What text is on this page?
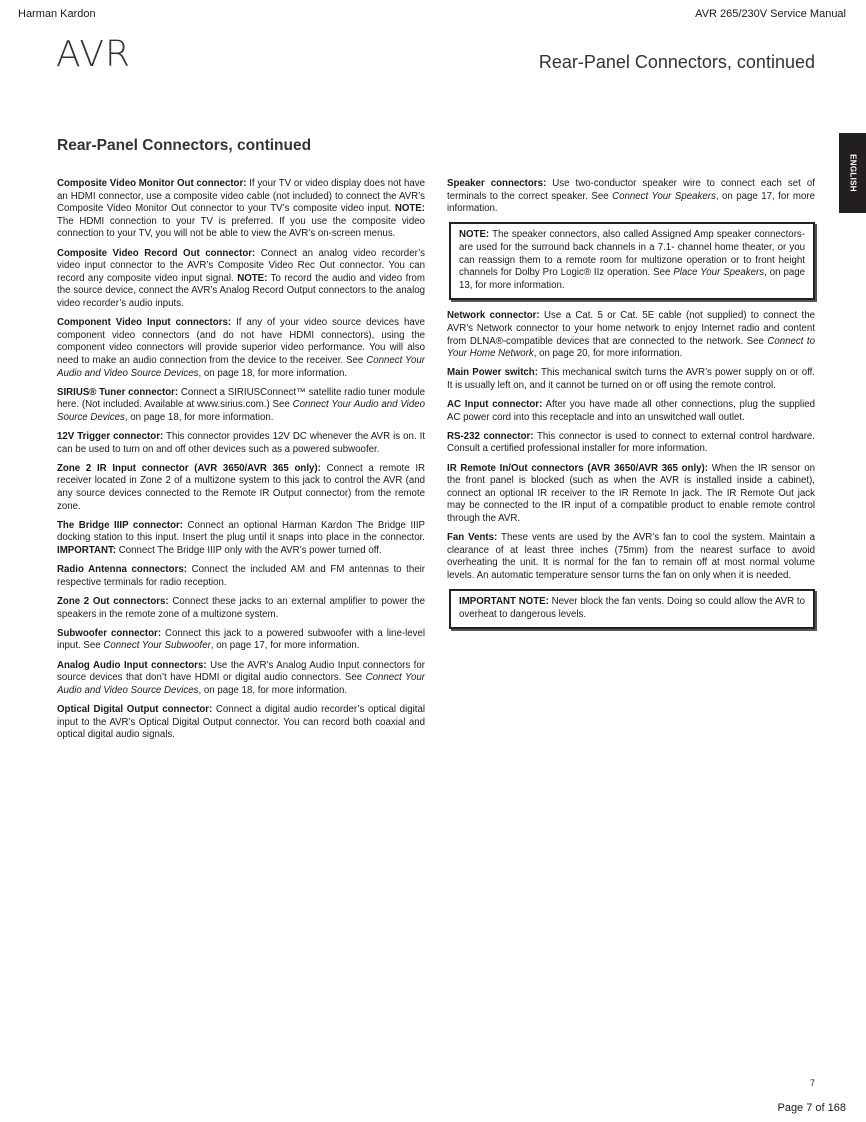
Harman Kardon	AVR 265/230V Service Manual
AVR	Rear-Panel Connectors, continued
ENGLISH
Rear-Panel Connectors, continued

Composite Video Monitor Out connector: If your TV or video display does not have an HDMI connector, use a composite video cable (not included) to connect the AVR’s Composite Video Monitor Out connector to your TV’s composite video input. NOTE: The HDMI connection to your TV is preferred. If you use the composite video connection to your TV, you will not be able to view the AVR’s on-screen menus.

Composite Video Record Out connector: Connect an analog video recorder’s video input connector to the AVR’s Composite Video Rec Out connector. You can record any composite video input signal. NOTE: To record the audio and video from the source device, connect the AVR’s Analog Record Output connectors to the analog video recorder’s audio inputs.

Component Video Input connectors: If any of your video source devices have component video connectors (and do not have HDMI connectors), using the component video connectors will provide superior video performance. You will also need to make an audio connection from the device to the receiver. See Connect Your Audio and Video Source Devices, on page 18, for more information.

SIRIUS® Tuner connector: Connect a SIRIUSConnect™ satellite radio tuner module here. (Not included. Available at www.sirius.com.) See Connect Your Audio and Video Source Devices, on page 18, for more information.

12V Trigger connector: This connector provides 12V DC whenever the AVR is on. It can be used to turn on and off other devices such as a powered subwoofer.

Zone 2 IR Input connector (AVR 3650/AVR 365 only): Connect a remote IR receiver located in Zone 2 of a multizone system to this jack to control the AVR (and any source devices connected to the Remote IR Output connector) from the remote zone.

The Bridge IIIP connector: Connect an optional Harman Kardon The Bridge IIIP docking station to this input. Insert the plug until it snaps into place in the connector. IMPORTANT: Connect The Bridge IIIP only with the AVR’s power turned off.

Radio Antenna connectors: Connect the included AM and FM antennas to their respective terminals for radio reception.

Zone 2 Out connectors: Connect these jacks to an external amplifier to power the speakers in the remote zone of a multizone system.

Subwoofer connector: Connect this jack to a powered subwoofer with a line-level input. See Connect Your Subwoofer, on page 17, for more information.

Analog Audio Input connectors: Use the AVR’s Analog Audio Input connectors for source devices that don’t have HDMI or digital audio connectors. See Connect Your Audio and Video Source Devices, on page 18, for more information.

Optical Digital Output connector: Connect a digital audio recorder’s optical digital input to the AVR’s Optical Digital Output connector. You can record both coaxial and optical digital audio signals.

Speaker connectors: Use two-conductor speaker wire to connect each set of terminals to the correct speaker. See Connect Your Speakers, on page 17, for more information.

NOTE: The speaker connectors, also called Assigned Amp speaker connectors- are used for the surround back channels in a 7.1- channel home theater, or you can reassign them to a remote room for multizone operation or to front height channels for Dolby Pro Logic® IIz operation. See Place Your Speakers, on page 13, for more information.

Network connector: Use a Cat. 5 or Cat. 5E cable (not supplied) to connect the AVR’s Network connector to your home network to enjoy Internet radio and content from DLNA®-compatible devices that are connected to the network. See Connect to Your Home Network, on page 20, for more information.

Main Power switch: This mechanical switch turns the AVR’s power supply on or off. It is usually left on, and it cannot be turned on or off using the remote control.

AC Input connector: After you have made all other connections, plug the supplied AC power cord into this receptacle and into an unswitched wall outlet.

RS-232 connector: This connector is used to connect to external control hardware. Consult a certified professional installer for more information.

IR Remote In/Out connectors (AVR 3650/AVR 365 only): When the IR sensor on the front panel is blocked (such as when the AVR is installed inside a cabinet), connect an optional IR receiver to the IR Remote In jack. The IR Remote Out jack may be connected to the IR input of a compatible product to enable remote control through the AVR.

Fan Vents: These vents are used by the AVR’s fan to cool the system. Maintain a clearance of at least three inches (75mm) from the nearest surface to avoid overheating the unit. It is normal for the fan to remain off at most normal volume levels. An automatic temperature sensor turns the fan on only when it is needed.

IMPORTANT NOTE: Never block the fan vents. Doing so could allow the AVR to overheat to dangerous levels.

7
Page 7 of 168
